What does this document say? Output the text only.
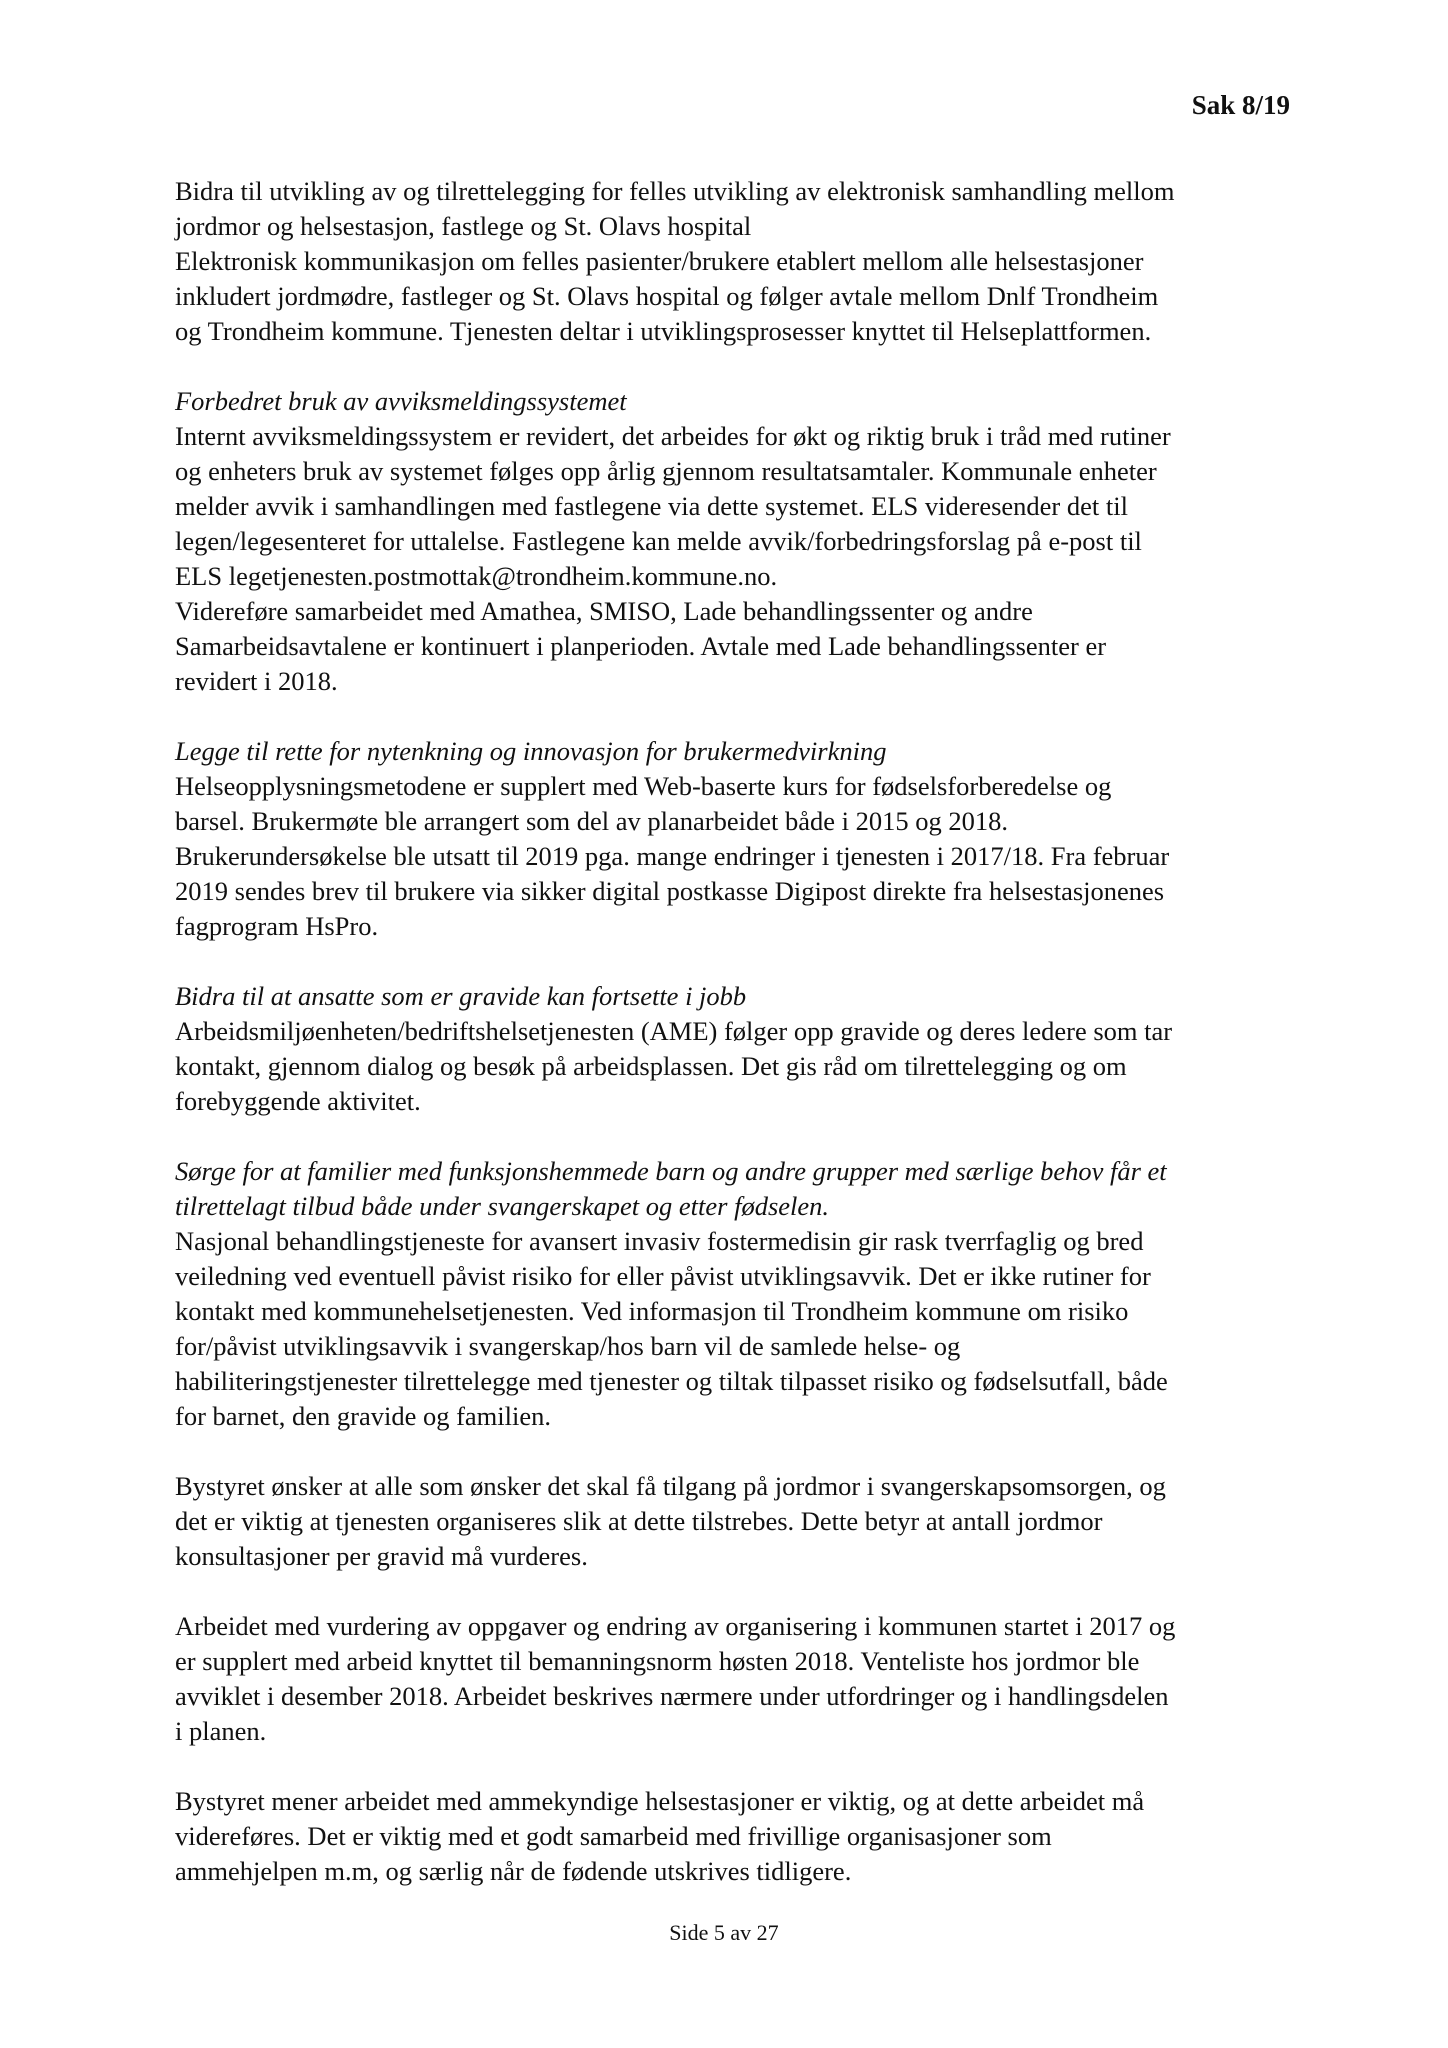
Sak 8/19
Bidra til utvikling av og tilrettelegging for felles utvikling av elektronisk samhandling mellom
jordmor og helsestasjon, fastlege og St. Olavs hospital
Elektronisk kommunikasjon om felles pasienter/brukere etablert mellom alle helsestasjoner
inkludert jordmødre, fastleger og St. Olavs hospital og følger avtale mellom Dnlf Trondheim
og Trondheim kommune. Tjenesten deltar i utviklingsprosesser knyttet til Helseplattformen.
Forbedret bruk av avviksmeldingssystemet
Internt avviksmeldingssystem er revidert, det arbeides for økt og riktig bruk i tråd med rutiner
og enheters bruk av systemet følges opp årlig gjennom resultatsamtaler. Kommunale enheter
melder avvik i samhandlingen med fastlegene via dette systemet. ELS videresender det til
legen/legesenteret for uttalelse. Fastlegene kan melde avvik/forbedringsforslag på e-post til
ELS legetjenesten.postmottak@trondheim.kommune.no.
Videreføre samarbeidet med Amathea, SMISO, Lade behandlingssenter og andre
Samarbeidsavtalene er kontinuert i planperioden. Avtale med Lade behandlingssenter er
revidert i 2018.
Legge til rette for nytenkning og innovasjon for brukermedvirkning
Helseopplysningsmetodene er supplert med Web-baserte kurs for fødselsforberedelse og
barsel. Brukermøte ble arrangert som del av planarbeidet både i 2015 og 2018.
Brukerundersøkelse ble utsatt til 2019 pga. mange endringer i tjenesten i 2017/18. Fra februar
2019 sendes brev til brukere via sikker digital postkasse Digipost direkte fra helsestasjonenes
fagprogram HsPro.
Bidra til at ansatte som er gravide kan fortsette i jobb
Arbeidsmiljøenheten/bedriftshelsetjenesten (AME) følger opp gravide og deres ledere som tar
kontakt, gjennom dialog og besøk på arbeidsplassen. Det gis råd om tilrettelegging og om
forebyggende aktivitet.
Sørge for at familier med funksjonshemmede barn og andre grupper med særlige behov får et
tilrettelagt tilbud både under svangerskapet og etter fødselen.
Nasjonal behandlingstjeneste for avansert invasiv fostermedisin gir rask tverrfaglig og bred
veiledning ved eventuell påvist risiko for eller påvist utviklingsavvik. Det er ikke rutiner for
kontakt med kommunehelsetjenesten. Ved informasjon til Trondheim kommune om risiko
for/påvist utviklingsavvik i svangerskap/hos barn vil de samlede helse- og
habiliteringstjenester tilrettelegge med tjenester og tiltak tilpasset risiko og fødselsutfall, både
for barnet, den gravide og familien.
Bystyret ønsker at alle som ønsker det skal få tilgang på jordmor i svangerskapsomsorgen, og
det er viktig at tjenesten organiseres slik at dette tilstrebes. Dette betyr at antall jordmor
konsultasjoner per gravid må vurderes.
Arbeidet med vurdering av oppgaver og endring av organisering i kommunen startet i 2017 og
er supplert med arbeid knyttet til bemanningsnorm høsten 2018. Venteliste hos jordmor ble
avviklet i desember 2018. Arbeidet beskrives nærmere under utfordringer og i handlingsdelen
i planen.
Bystyret mener arbeidet med ammekyndige helsestasjoner er viktig, og at dette arbeidet må
videreføres. Det er viktig med et godt samarbeid med frivillige organisasjoner som
ammehjelpen m.m, og særlig når de fødende utskrives tidligere.
Side 5 av 27
